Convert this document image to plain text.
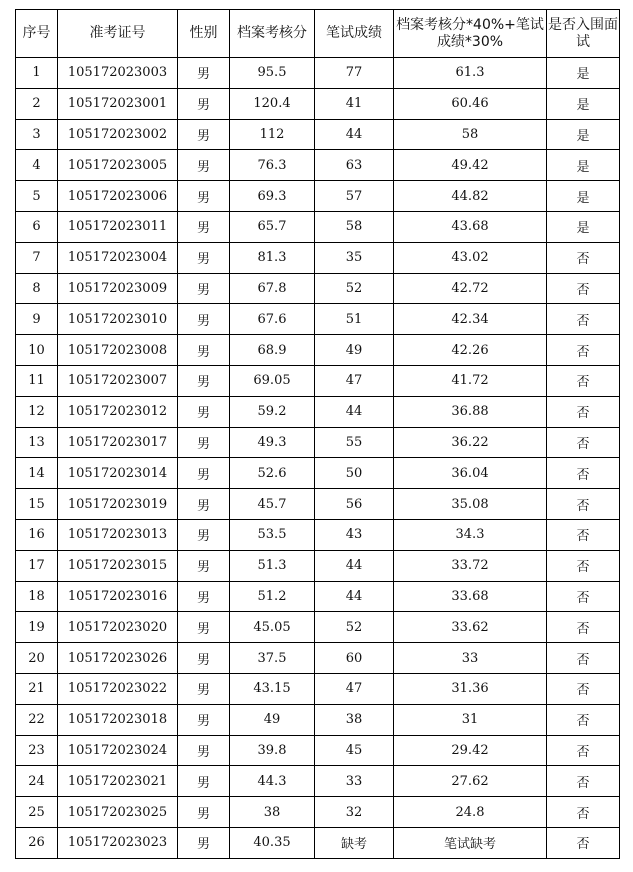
序号	准考证号	性别	档案考核分	笔试成绩	档案考核分*40%+笔试成绩*30%	是否入围面试
1	105172023003	男	95.5	77	61.3	是
2	105172023001	男	120.4	41	60.46	是
3	105172023002	男	112	44	58	是
4	105172023005	男	76.3	63	49.42	是
5	105172023006	男	69.3	57	44.82	是
6	105172023011	男	65.7	58	43.68	是
7	105172023004	男	81.3	35	43.02	否
8	105172023009	男	67.8	52	42.72	否
9	105172023010	男	67.6	51	42.34	否
10	105172023008	男	68.9	49	42.26	否
11	105172023007	男	69.05	47	41.72	否
12	105172023012	男	59.2	44	36.88	否
13	105172023017	男	49.3	55	36.22	否
14	105172023014	男	52.6	50	36.04	否
15	105172023019	男	45.7	56	35.08	否
16	105172023013	男	53.5	43	34.3	否
17	105172023015	男	51.3	44	33.72	否
18	105172023016	男	51.2	44	33.68	否
19	105172023020	男	45.05	52	33.62	否
20	105172023026	男	37.5	60	33	否
21	105172023022	男	43.15	47	31.36	否
22	105172023018	男	49	38	31	否
23	105172023024	男	39.8	45	29.42	否
24	105172023021	男	44.3	33	27.62	否
25	105172023025	男	38	32	24.8	否
26	105172023023	男	40.35	缺考	笔试缺考	否
